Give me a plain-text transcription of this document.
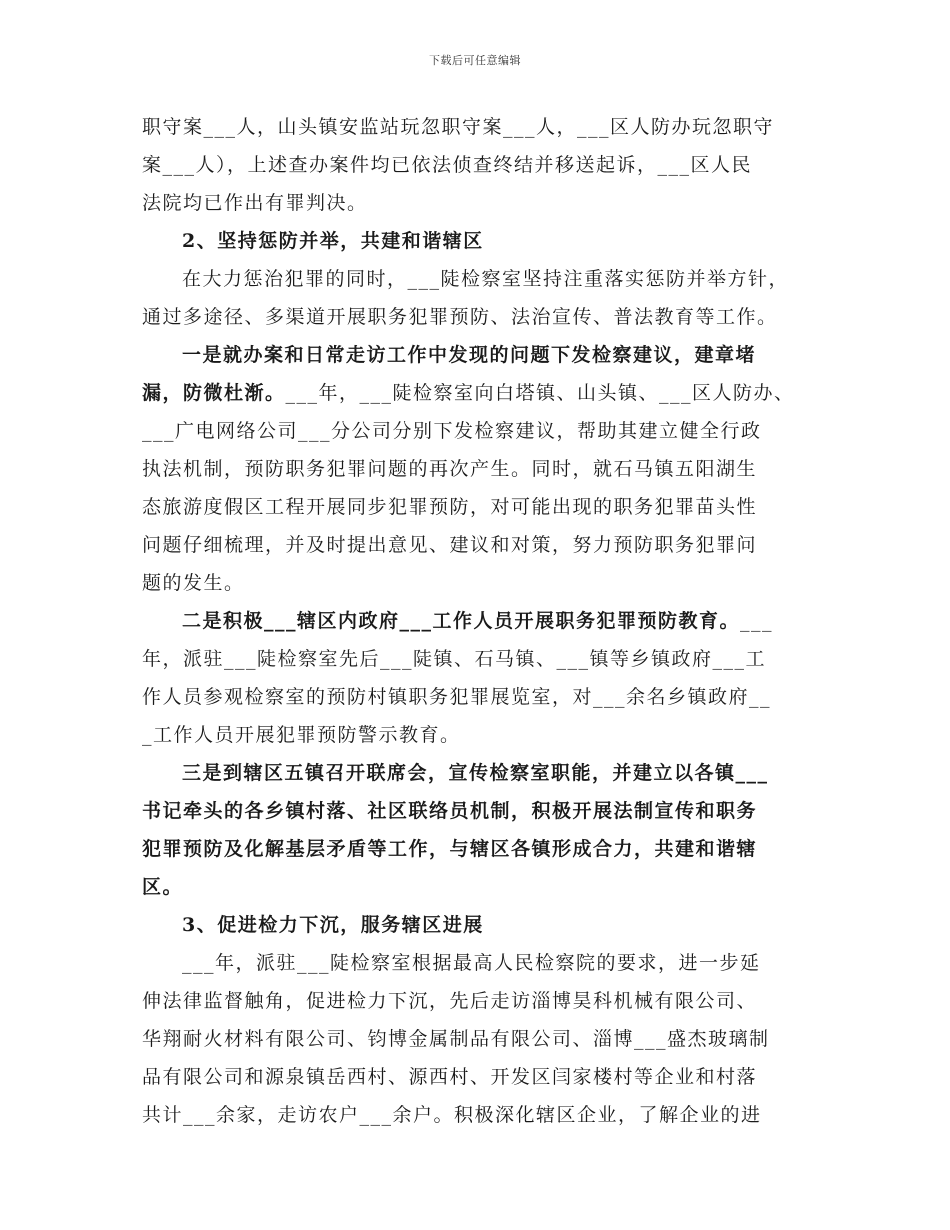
下载后可任意编辑
职守案___人，山头镇安监站玩忽职守案___人，___区人防办玩忽职守
案___人），上述查办案件均已依法侦查终结并移送起诉，___区人民
法院均已作出有罪判决。
2、坚持惩防并举，共建和谐辖区
在大力惩治犯罪的同时，___陡检察室坚持注重落实惩防并举方针，
通过多途径、多渠道开展职务犯罪预防、法治宣传、普法教育等工作。
一是就办案和日常走访工作中发现的问题下发检察建议，建章堵
漏，防微杜渐。___年，___陡检察室向白塔镇、山头镇、___区人防办、
___广电网络公司___分公司分别下发检察建议，帮助其建立健全行政
执法机制，预防职务犯罪问题的再次产生。同时，就石马镇五阳湖生
态旅游度假区工程开展同步犯罪预防，对可能出现的职务犯罪苗头性
问题仔细梳理，并及时提出意见、建议和对策，努力预防职务犯罪问
题的发生。
二是积极___辖区内政府___工作人员开展职务犯罪预防教育。___
年，派驻___陡检察室先后___陡镇、石马镇、___镇等乡镇政府___工
作人员参观检察室的预防村镇职务犯罪展览室，对___余名乡镇政府__
_工作人员开展犯罪预防警示教育。
三是到辖区五镇召开联席会，宣传检察室职能，并建立以各镇___
书记牵头的各乡镇村落、社区联络员机制，积极开展法制宣传和职务
犯罪预防及化解基层矛盾等工作，与辖区各镇形成合力，共建和谐辖
区。
3、促进检力下沉，服务辖区进展
___年，派驻___陡检察室根据最高人民检察院的要求，进一步延
伸法律监督触角，促进检力下沉，先后走访淄博昊科机械有限公司、
华翔耐火材料有限公司、钧博金属制品有限公司、淄博___盛杰玻璃制
品有限公司和源泉镇岳西村、源西村、开发区闫家楼村等企业和村落
共计___余家，走访农户___余户。积极深化辖区企业，了解企业的进
